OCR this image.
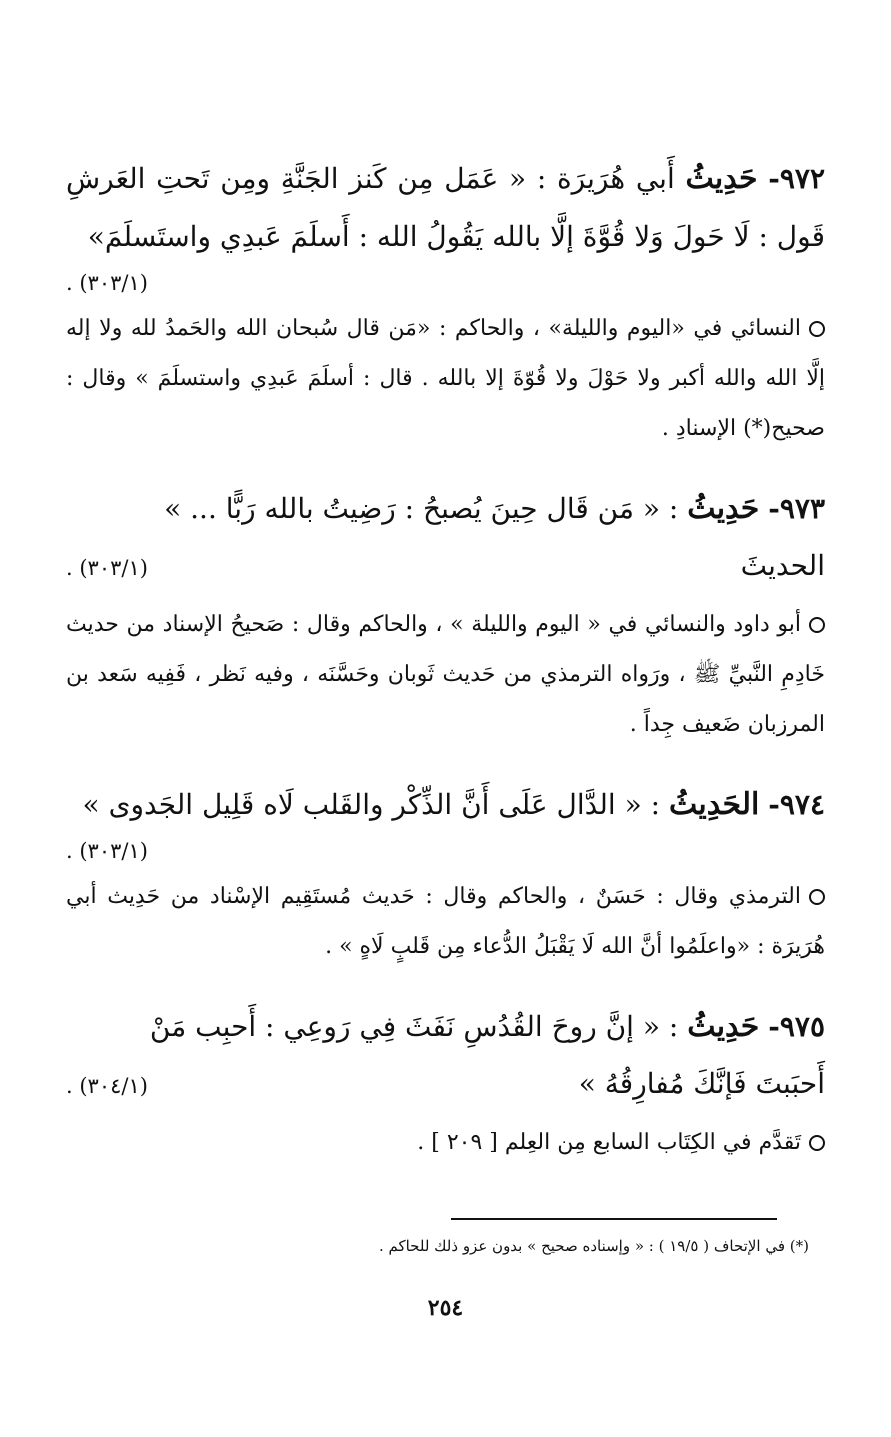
٩٧٢- حَدِيثُ أَبي هُرَيرَة : « عَمَل مِن كَنز الجَنَّةِ ومِن تَحتِ العَرشِ قَول : لَا حَولَ وَلا قُوَّةَ إلَّا بالله يَقُولُ الله : أَسلَمَ عَبدِي واستَسلَمَ»
(٣٠٣/١) .
النسائي في «اليوم والليلة» ، والحاكم : «مَن قال سُبحان الله والحَمدُ لله ولا إله إلَّا الله والله أكبر ولا حَوْلَ ولا قُوّةَ إلا بالله . قال : أسلَمَ عَبدِي واستسلَمَ » وقال : صحيح(*) الإسنادِ .
٩٧٣- حَدِيثُ : « مَن قَال حِينَ يُصبحُ : رَضِيتُ بالله رَبًّا ... »
الحديثَ
(٣٠٣/١) .
أبو داود والنسائي في « اليوم والليلة » ، والحاكم وقال : صَحيحُ الإسناد من حديث خَادِمِ النَّبيِّ ﷺ ، ورَواه الترمذي من حَديث ثَوبان وحَسَّنَه ، وفيه نَظر ، فَفِيه سَعد بن المرزبان ضَعيف جِداً .
٩٧٤- الحَدِيثُ : « الدَّال عَلَى أَنَّ الذِّكْر والقَلب لَاه قَلِيل الجَدوى »
(٣٠٣/١) .
الترمذي وقال : حَسَنٌ ، والحاكم وقال : حَديث مُستَقِيم الإسْناد من حَدِيث أبي هُرَيرَة : «واعلَمُوا أنَّ الله لَا يَقْبَلُ الدُّعاء مِن قَلبٍ لَاهٍ » .
٩٧٥- حَدِيثُ : « إنَّ روحَ القُدُسِ نَفَثَ فِي رَوعِي : أَحبِب مَنْ
أَحبَبتَ فَإنَّكَ مُفارِقُهُ »
(٣٠٤/١) .
تَقدَّم في الكِتَاب السابع مِن العِلم [ ٢٠٩ ] .
(*) في الإتحاف ( ١٩/٥ ) : « وإسناده صحيح » بدون عزو ذلك للحاكم .
٢٥٤
